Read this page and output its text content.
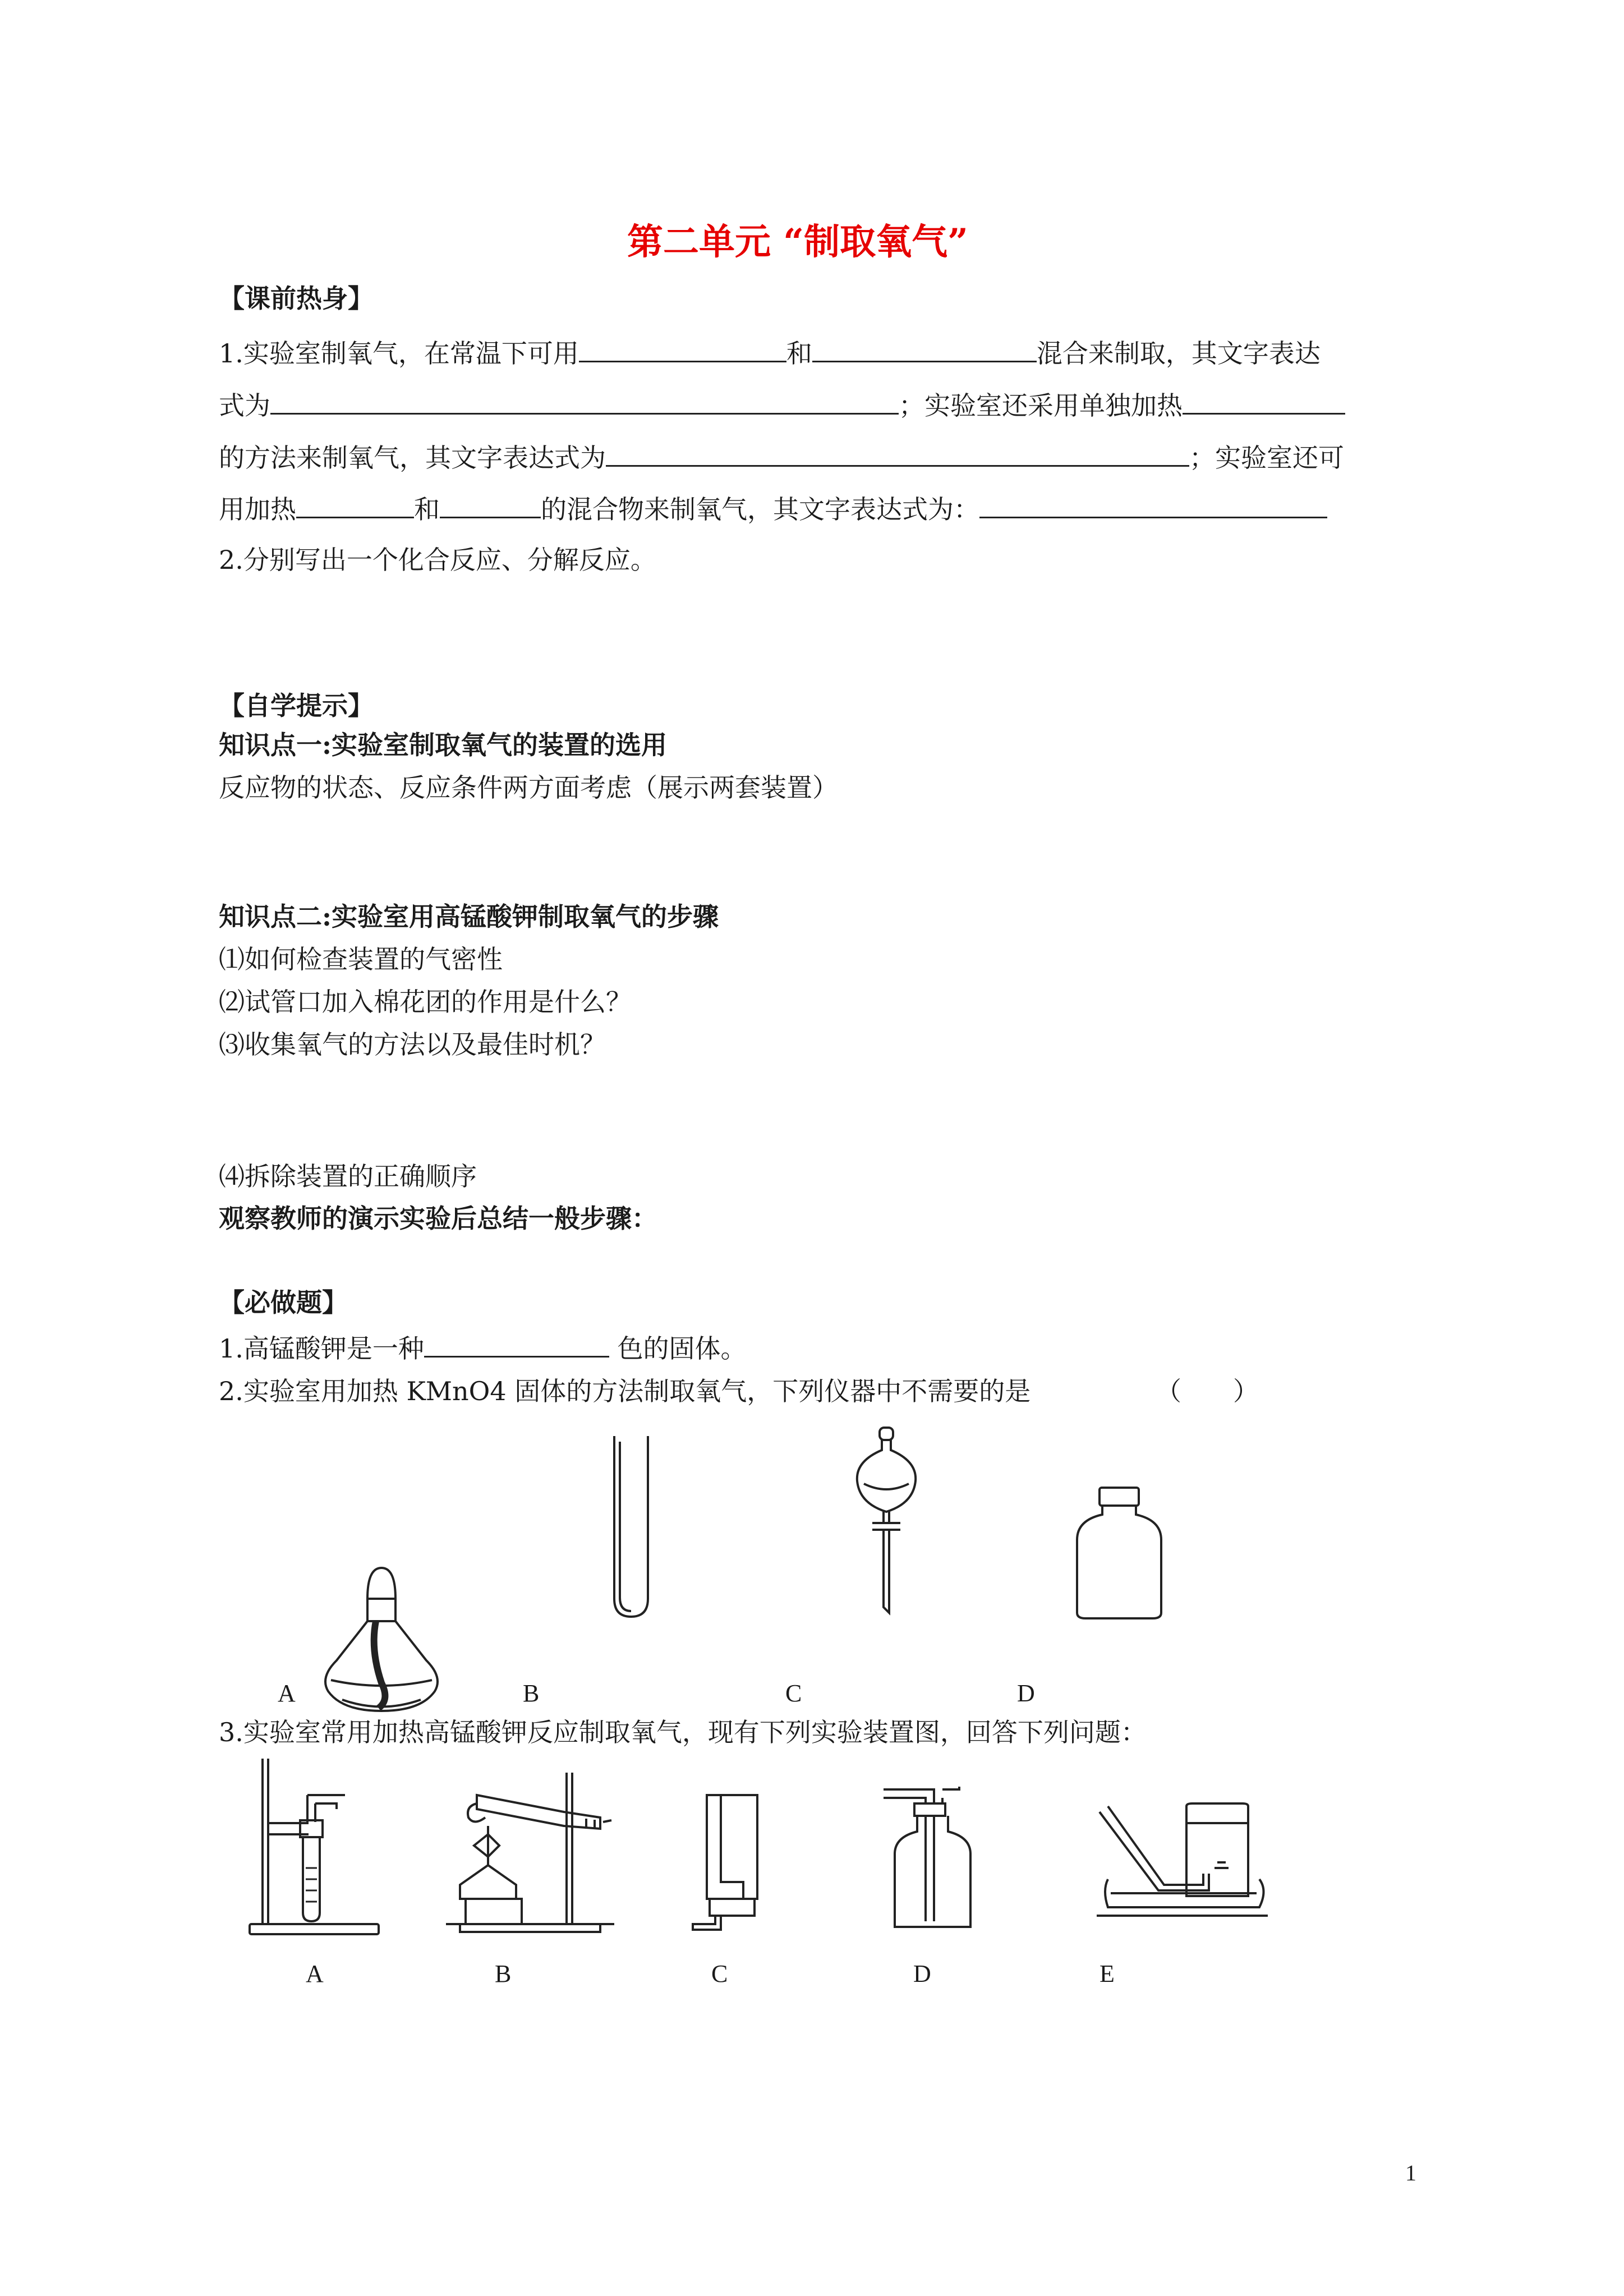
第二单元 “制取氧气”
【课前热身】
1.实验室制氧气，在常温下可用	和	混合来制取，其文字表达
式为	；实验室还采用单独加热
的方法来制氧气，其文字表达式为	；实验室还可
用加热	和	的混合物来制氧气，其文字表达式为：
2.分别写出一个化合反应、分解反应。
【自学提示】
知识点一:实验室制取氧气的装置的选用
反应物的状态、反应条件两方面考虑（展示两套装置）
知识点二:实验室用高锰酸钾制取氧气的步骤
⑴如何检查装置的气密性
⑵试管口加入棉花团的作用是什么？
⑶收集氧气的方法以及最佳时机？
⑷拆除装置的正确顺序
观察教师的演示实验后总结一般步骤：
【必做题】
1.高锰酸钾是一种	色的固体。
2.实验室用加热 KMnO4 固体的方法制取氧气，下列仪器中不需要的是	（　　）
A	B	C	D
3.实验室常用加热高锰酸钾反应制取氧气，现有下列实验装置图，回答下列问题：
A	B	C	D	E
1
